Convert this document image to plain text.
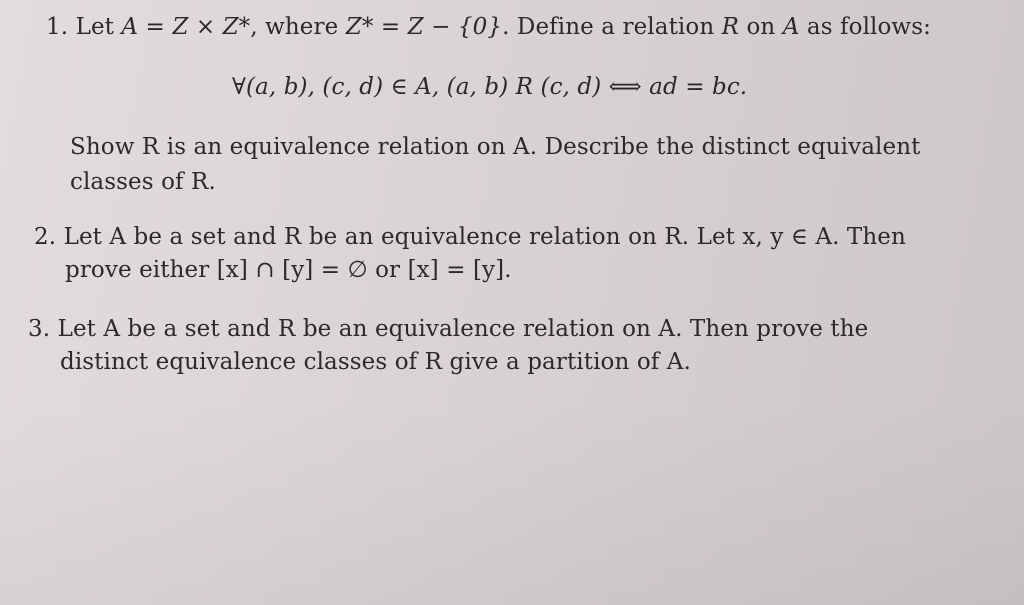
1. Let A = Z × Z*, where Z* = Z − {0}. Define a relation R on A as follows:
∀(a, b), (c, d) ∈ A, (a, b) R (c, d) ⟺ ad = bc.
Show R is an equivalence relation on A. Describe the distinct equivalent
classes of R.
2. Let A be a set and R be an equivalence relation on R. Let x, y ∈ A. Then
prove either [x] ∩ [y] = ∅ or [x] = [y].
3. Let A be a set and R be an equivalence relation on A. Then prove the
distinct equivalence classes of R give a partition of A.
